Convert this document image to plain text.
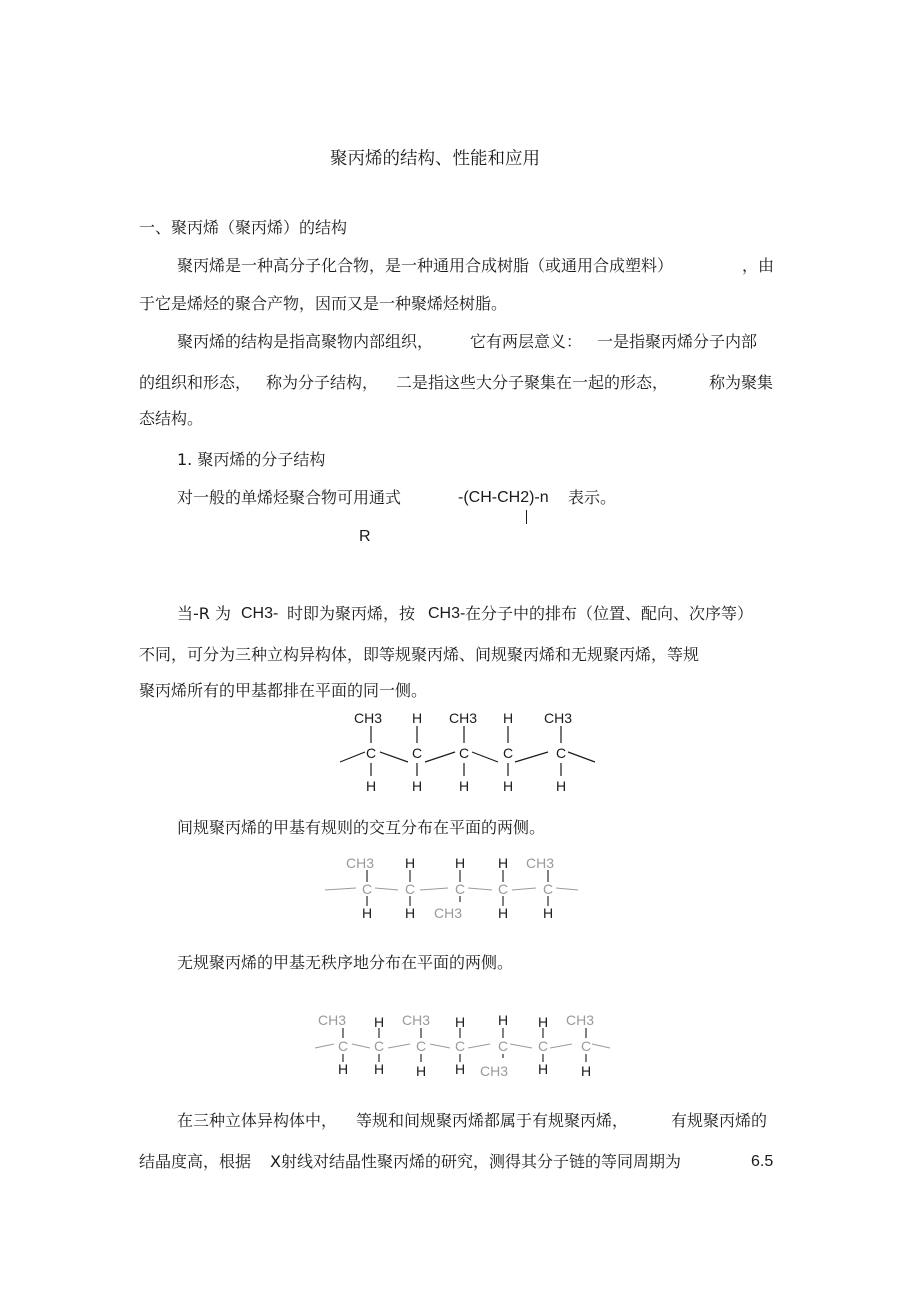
聚丙烯的结构、性能和应用
一、聚丙烯（聚丙烯）的结构
聚丙烯是一种高分子化合物，是一种通用合成树脂（或通用合成塑料）	，由
于它是烯烃的聚合产物，因而又是一种聚烯烃树脂。
聚丙烯的结构是指高聚物内部组织， 它有两层意义： 一是指聚丙烯分子内部
的组织和形态， 称为分子结构， 二是指这些大分子聚集在一起的形态，	称为聚集
态结构。
1. 聚丙烯的分子结构
对一般的单烯烃聚合物可用通式	-(CH-CH2)-n 表示。
R
当-R 为 CH3- 时即为聚丙烯，按 CH3- 在分子中的排布（位置、配向、次序等）
不同，可分为三种立构异构体，即等规聚丙烯、间规聚丙烯和无规聚丙烯，等规
聚丙烯所有的甲基都排在平面的同一侧。
CH3 H CH3 H CH3
C	C	C C	C
H	H	H H	H
间规聚丙烯的甲基有规则的交互分布在平面的两侧。
CH3 H	H H CH3
C C	C C C
H H CH3	H H
无规聚丙烯的甲基无秩序地分布在平面的两侧。
CH3 H CH3 H H H CH3
C C C C C C C
H H H H CH3 H H
在三种立体异构体中， 等规和间规聚丙烯都属于有规聚丙烯，	有规聚丙烯的
结晶度高，根据 X射线对结晶性聚丙烯的研究，测得其分子链的等同周期为	6.5
